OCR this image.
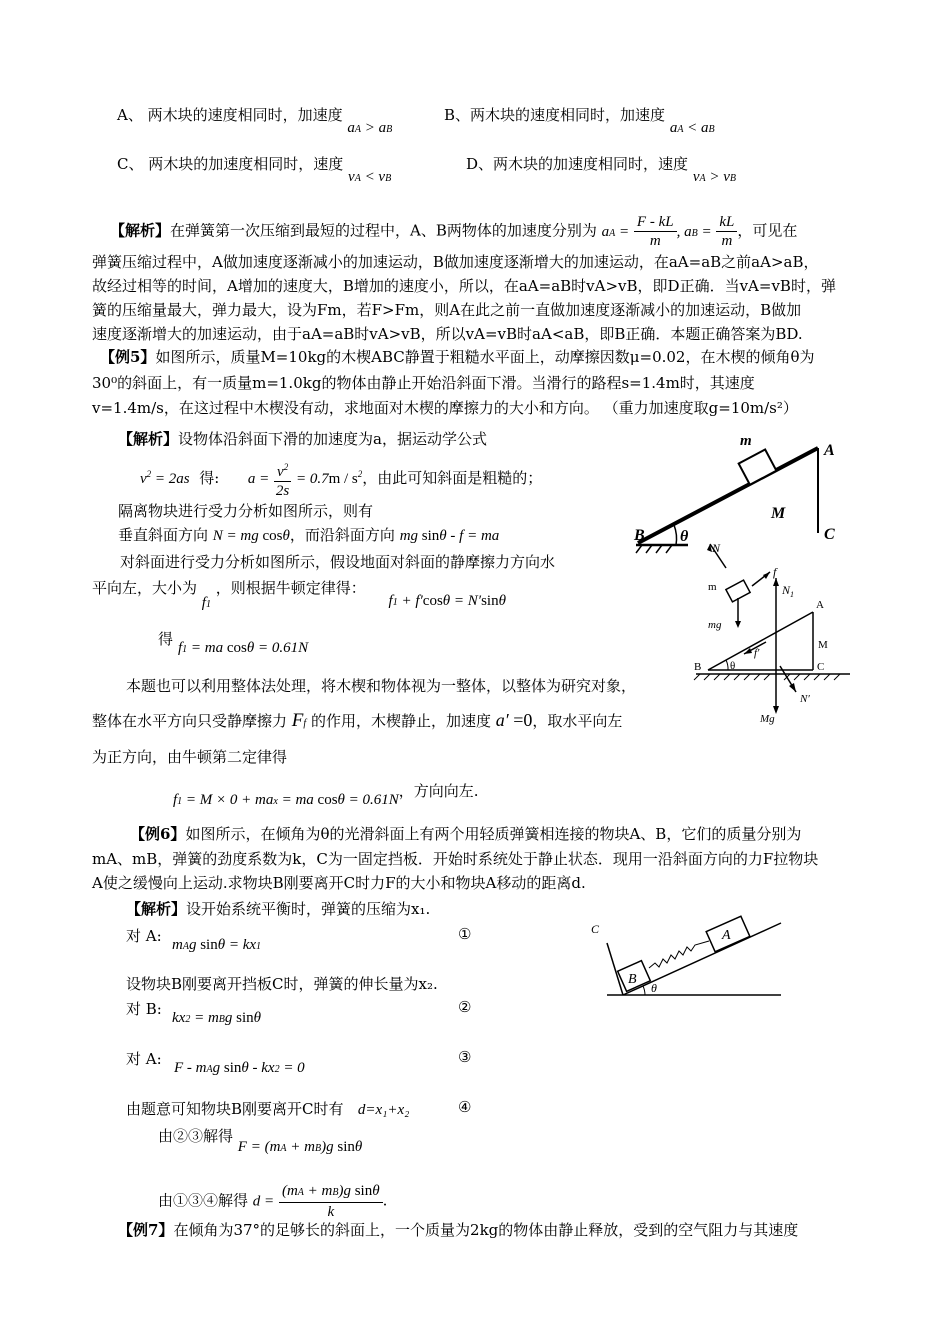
A、 两木块的速度相同时，加速度 aA > aB
B、两木块的速度相同时，加速度 aA < aB
C、 两木块的加速度相同时，速度 vA < vB
D、两木块的加速度相同时，速度 vA > vB
【解析】在弹簧第一次压缩到最短的过程中，A、B两物体的加速度分别为 aA = $\frac{F - kL}{m}$ , aB = $\frac{kL}{m}$ ，可见在
弹簧压缩过程中，A做加速度逐渐减小的加速运动，B做加速度逐渐增大的加速运动，在aA=aB之前aA>aB，
故经过相等的时间，A增加的速度大，B增加的速度小，所以，在aA=aB时vA>vB，即D正确．当vA=vB时，弹
簧的压缩量最大，弹力最大，设为Fm，若F>Fm，则A在此之前一直做加速度逐渐减小的加速运动，B做加
速度逐渐增大的加速运动，由于aA=aB时vA>vB，所以vA=vB时aA<aB，即B正确．本题正确答案为BD.
【例5】如图所示，质量M=10kg的木楔ABC静置于粗糙水平面上，动摩擦因数μ=0.02，在木楔的倾角θ为
30⁰的斜面上，有一质量m=1.0kg的物体由静止开始沿斜面下滑。当滑行的路程s=1.4m时，其速度
v=1.4m/s，在这过程中木楔没有动，求地面对木楔的摩擦力的大小和方向。 （重力加速度取g=10m/s²）
【解析】设物体沿斜面下滑的加速度为a，据运动学公式
$v^2 = 2as$ 得: $a = \frac{v^2}{2s} = 0.7m / s^2$，由此可知斜面是粗糙的；
隔离物块进行受力分析如图所示，则有
垂直斜面方向 N = mg cosθ，而沿斜面方向 mg sinθ - f = ma
对斜面进行受力分析如图所示，假设地面对斜面的静摩擦力方向水
平向左，大小为 f1 ，则根据牛顿定律得： f1 + f′cosθ = N′sinθ
得 f1 = ma cosθ = 0.61N
本题也可以利用整体法处理，将木楔和物体视为一整体，以整体为研究对象，
整体在水平方向只受静摩擦力 Ff 的作用，木楔静止，加速度 a′ =0，取水平向左
为正方向，由牛顿第二定律得
f1 = M × 0 + max = ma cosθ = 0.61N，方向向左.
m
A
M
B θ	C
N
m
f
mg
$N_1$
A
M
B	θ
f′
C
N′
Mg
【例6】如图所示，在倾角为θ的光滑斜面上有两个用轻质弹簧相连接的物块A、B，它们的质量分别为
mA、mB，弹簧的劲度系数为k，C为一固定挡板．开始时系统处于静止状态．现用一沿斜面方向的力F拉物块
A使之缓慢向上运动.求物块B刚要离开C时力F的大小和物块A移动的距离d.
【解析】设开始系统平衡时，弹簧的压缩为x₁.
对 A: mAg sinθ = kx1
①
设物块B刚要离开挡板C时，弹簧的伸长量为x₂.
对 B: kx2 = mBg sinθ
②
对 A: F - mAg sinθ - kx2 = 0
③
由题意可知物块B刚要离开C时有 d=x₁+x₂	④
由②③解得 F = (mA + mB)g sinθ
由①③④解得 $d = \frac{\text{(mA + mB)g sinθ}}{k}$ .
C	A
B
θ
【例7】在倾角为37°的足够长的斜面上，一个质量为2kg的物体由静止释放，受到的空气阻力与其速度
